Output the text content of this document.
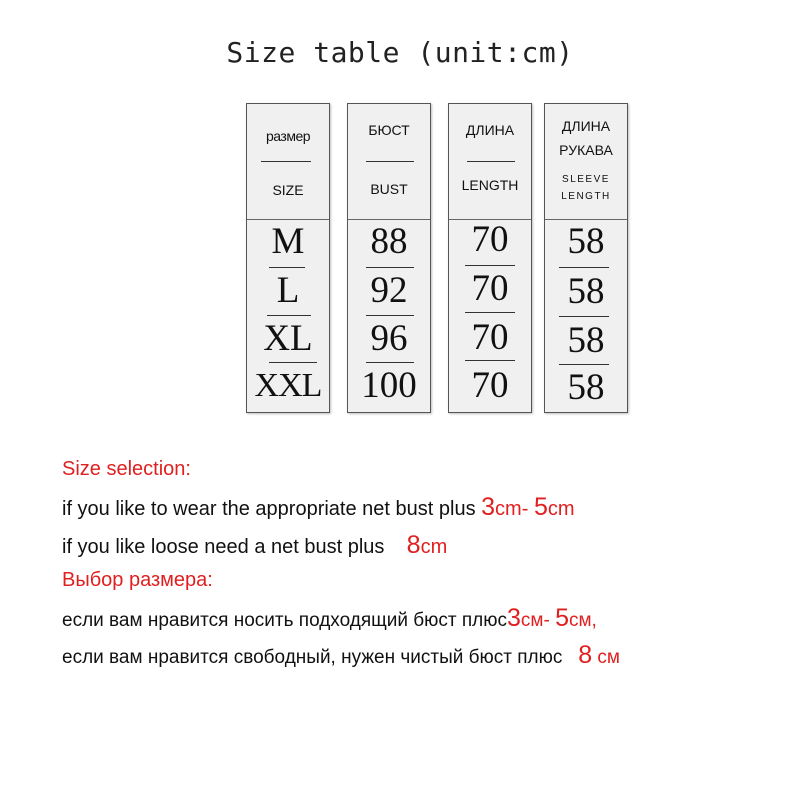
Size table (unit:cm)
размер
SIZE
M
L
XL
XXL
БЮСТ
BUST
88
92
96
100
ДЛИНА
LENGTH
70
70
70
70
ДЛИНА
РУКАВА
SLEEVE
LENGTH
58
58
58
58
Size selection:
if you like to wear the appropriate net bust plus 3cm- 5cm
if you like loose need a net bust plus    8cm
Выбор размера:
если вам нравится носить подходящий бюст плюс3см- 5см,
если вам нравится свободный, нужен чистый бюст плюс   8 см
